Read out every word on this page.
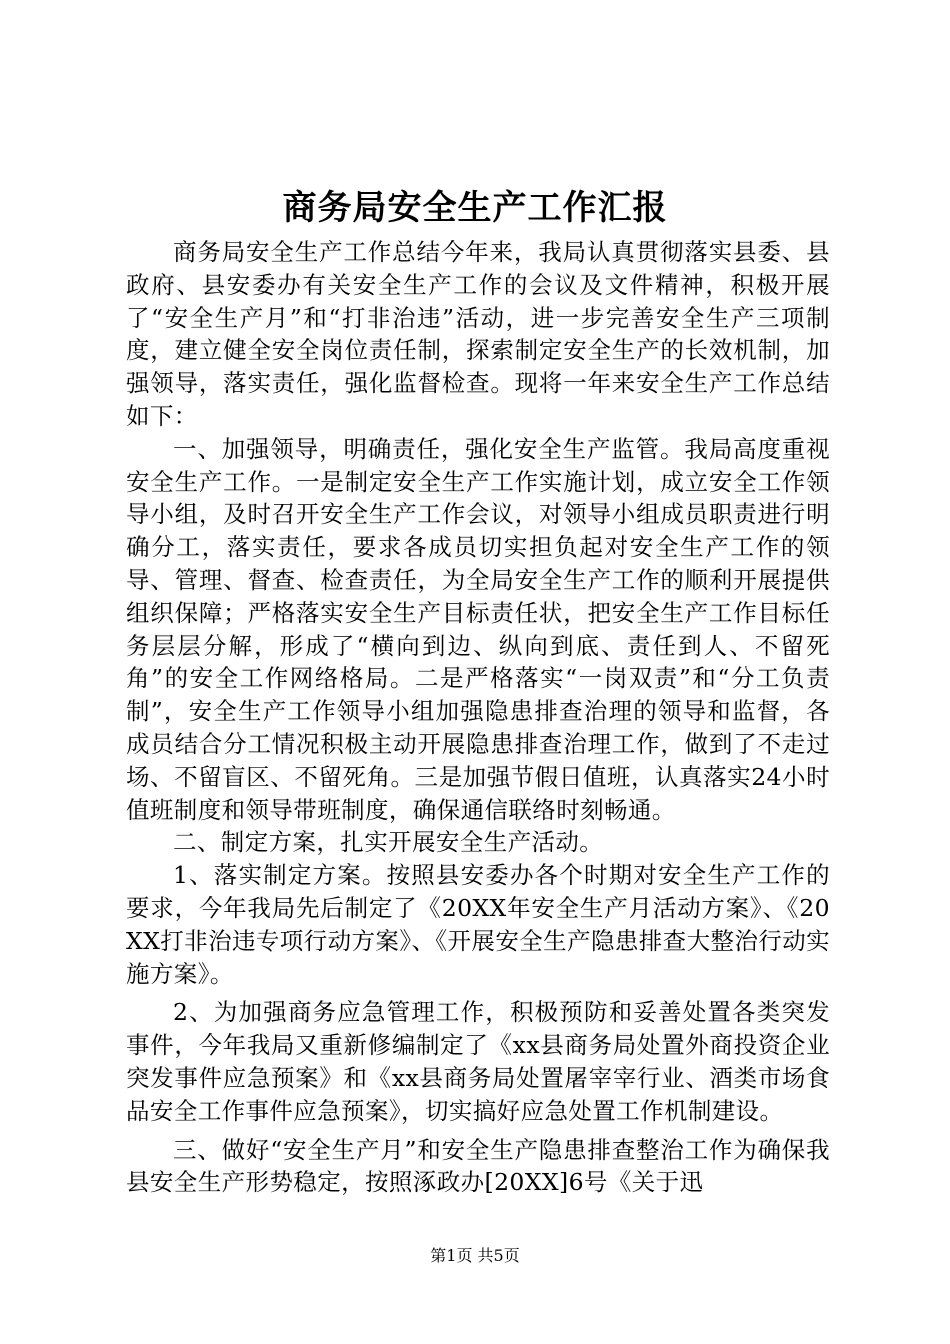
商务局安全生产工作汇报

商务局安全生产工作总结今年来，我局认真贯彻落实县委、县政府、县安委办有关安全生产工作的会议及文件精神，积极开展了“安全生产月”和“打非治违”活动，进一步完善安全生产三项制度，建立健全安全岗位责任制，探索制定安全生产的长效机制，加强领导，落实责任，强化监督检查。现将一年来安全生产工作总结如下：

一、加强领导，明确责任，强化安全生产监管。我局高度重视安全生产工作。一是制定安全生产工作实施计划，成立安全工作领导小组，及时召开安全生产工作会议，对领导小组成员职责进行明确分工，落实责任，要求各成员切实担负起对安全生产工作的领导、管理、督查、检查责任，为全局安全生产工作的顺利开展提供组织保障；严格落实安全生产目标责任状，把安全生产工作目标任务层层分解，形成了“横向到边、纵向到底、责任到人、不留死角”的安全工作网络格局。二是严格落实“一岗双责”和“分工负责制”，安全生产工作领导小组加强隐患排查治理的领导和监督，各成员结合分工情况积极主动开展隐患排查治理工作，做到了不走过场、不留盲区、不留死角。三是加强节假日值班，认真落实24小时值班制度和领导带班制度，确保通信联络时刻畅通。

二、制定方案，扎实开展安全生产活动。

1、落实制定方案。按照县安委办各个时期对安全生产工作的要求，今年我局先后制定了《20XX年安全生产月活动方案》、《20XX打非治违专项行动方案》、《开展安全生产隐患排查大整治行动实施方案》。

2、为加强商务应急管理工作，积极预防和妥善处置各类突发事件，今年我局又重新修编制定了《xx县商务局处置外商投资企业突发事件应急预案》和《xx县商务局处置屠宰宰行业、酒类市场食品安全工作事件应急预案》，切实搞好应急处置工作机制建设。

三、做好“安全生产月”和安全生产隐患排查整治工作为确保我县安全生产形势稳定，按照涿政办[20XX]6号《关于迅

第1页 共5页
